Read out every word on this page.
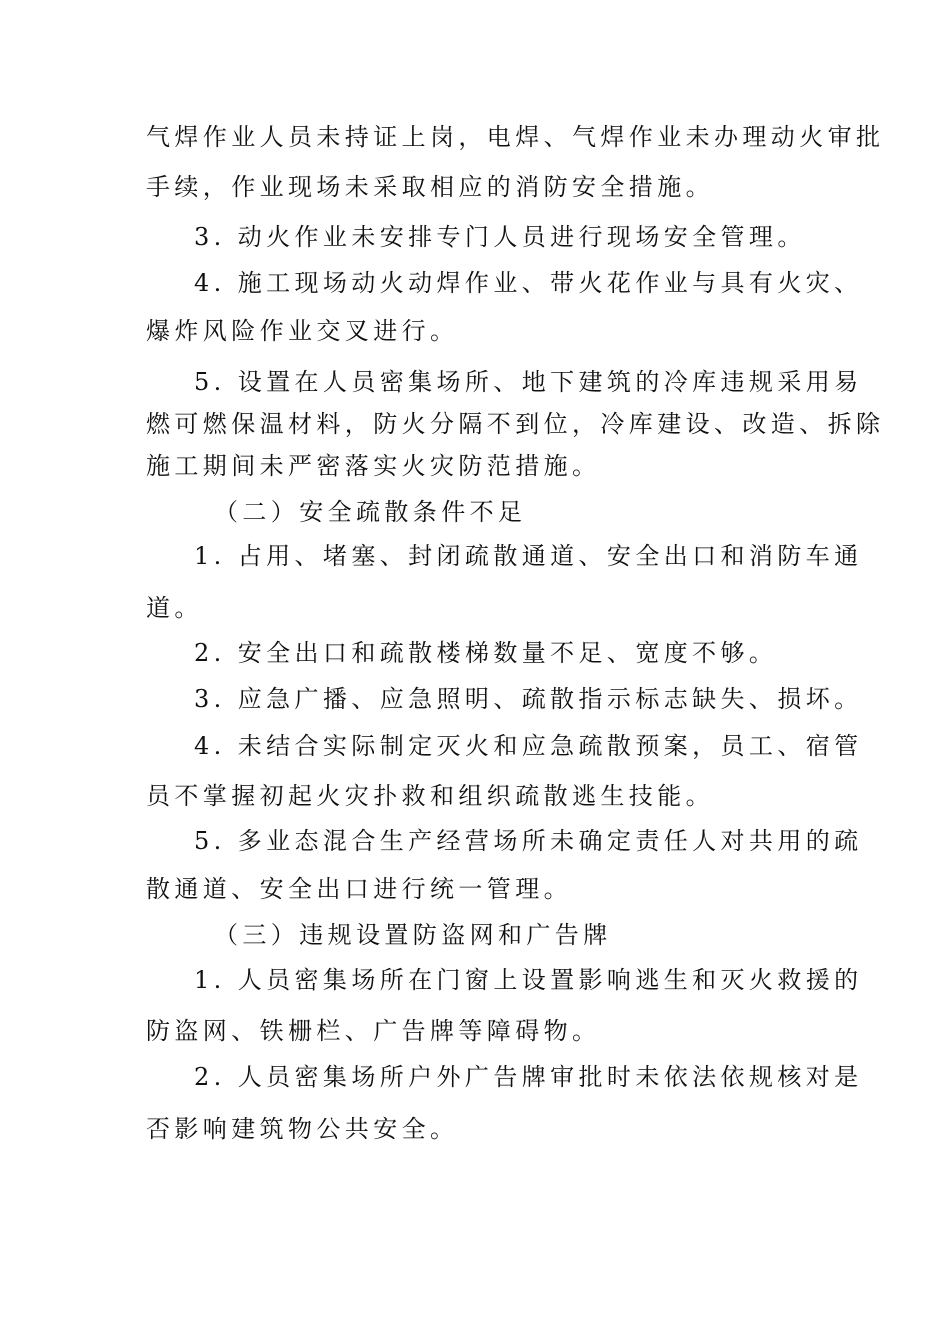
气焊作业人员未持证上岗，电焊、气焊作业未办理动火审批
手续，作业现场未采取相应的消防安全措施。
3. 动火作业未安排专门人员进行现场安全管理。
4. 施工现场动火动焊作业、带火花作业与具有火灾、
爆炸风险作业交叉进行。
5. 设置在人员密集场所、地下建筑的冷库违规采用易
燃可燃保温材料，防火分隔不到位，冷库建设、改造、拆除
施工期间未严密落实火灾防范措施。
（二）安全疏散条件不足
1. 占用、堵塞、封闭疏散通道、安全出口和消防车通
道。
2. 安全出口和疏散楼梯数量不足、宽度不够。
3. 应急广播、应急照明、疏散指示标志缺失、损坏。
4. 未结合实际制定灭火和应急疏散预案，员工、宿管
员不掌握初起火灾扑救和组织疏散逃生技能。
5. 多业态混合生产经营场所未确定责任人对共用的疏
散通道、安全出口进行统一管理。
（三）违规设置防盗网和广告牌
1. 人员密集场所在门窗上设置影响逃生和灭火救援的
防盗网、铁栅栏、广告牌等障碍物。
2. 人员密集场所户外广告牌审批时未依法依规核对是
否影响建筑物公共安全。
